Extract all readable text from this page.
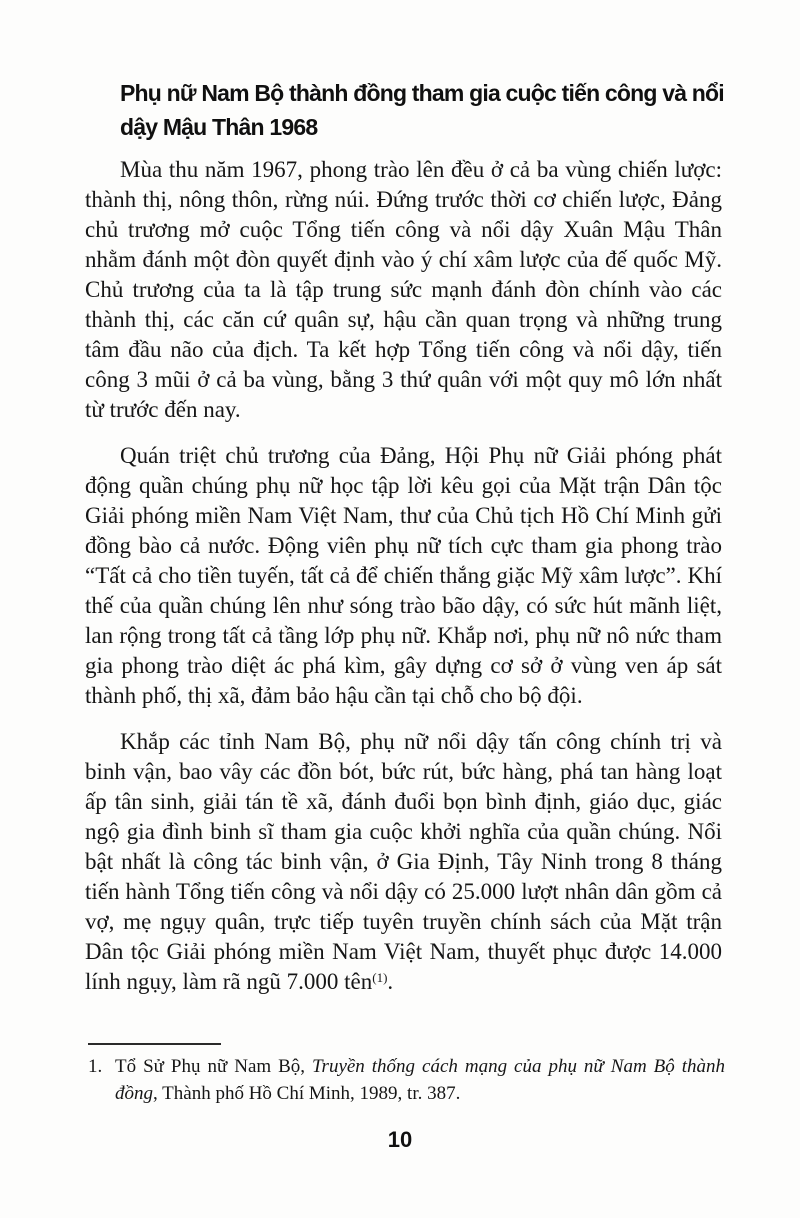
Phụ nữ Nam Bộ thành đồng tham gia cuộc tiến công và nổi dậy Mậu Thân 1968

Mùa thu năm 1967, phong trào lên đều ở cả ba vùng chiến lược: thành thị, nông thôn, rừng núi. Đứng trước thời cơ chiến lược, Đảng chủ trương mở cuộc Tổng tiến công và nổi dậy Xuân Mậu Thân nhằm đánh một đòn quyết định vào ý chí xâm lược của đế quốc Mỹ. Chủ trương của ta là tập trung sức mạnh đánh đòn chính vào các thành thị, các căn cứ quân sự, hậu cần quan trọng và những trung tâm đầu não của địch. Ta kết hợp Tổng tiến công và nổi dậy, tiến công 3 mũi ở cả ba vùng, bằng 3 thứ quân với một quy mô lớn nhất từ trước đến nay.

Quán triệt chủ trương của Đảng, Hội Phụ nữ Giải phóng phát động quần chúng phụ nữ học tập lời kêu gọi của Mặt trận Dân tộc Giải phóng miền Nam Việt Nam, thư của Chủ tịch Hồ Chí Minh gửi đồng bào cả nước. Động viên phụ nữ tích cực tham gia phong trào “Tất cả cho tiền tuyến, tất cả để chiến thắng giặc Mỹ xâm lược”. Khí thế của quần chúng lên như sóng trào bão dậy, có sức hút mãnh liệt, lan rộng trong tất cả tầng lớp phụ nữ. Khắp nơi, phụ nữ nô nức tham gia phong trào diệt ác phá kìm, gây dựng cơ sở ở vùng ven áp sát thành phố, thị xã, đảm bảo hậu cần tại chỗ cho bộ đội.

Khắp các tỉnh Nam Bộ, phụ nữ nổi dậy tấn công chính trị và binh vận, bao vây các đồn bót, bức rút, bức hàng, phá tan hàng loạt ấp tân sinh, giải tán tề xã, đánh đuổi bọn bình định, giáo dục, giác ngộ gia đình binh sĩ tham gia cuộc khởi nghĩa của quần chúng. Nổi bật nhất là công tác binh vận, ở Gia Định, Tây Ninh trong 8 tháng tiến hành Tổng tiến công và nổi dậy có 25.000 lượt nhân dân gồm cả vợ, mẹ ngụy quân, trực tiếp tuyên truyền chính sách của Mặt trận Dân tộc Giải phóng miền Nam Việt Nam, thuyết phục được 14.000 lính ngụy, làm rã ngũ 7.000 tên$^{(1)}$.

1. Tổ Sử Phụ nữ Nam Bộ, Truyền thống cách mạng của phụ nữ Nam Bộ thành đồng, Thành phố Hồ Chí Minh, 1989, tr. 387.

10
